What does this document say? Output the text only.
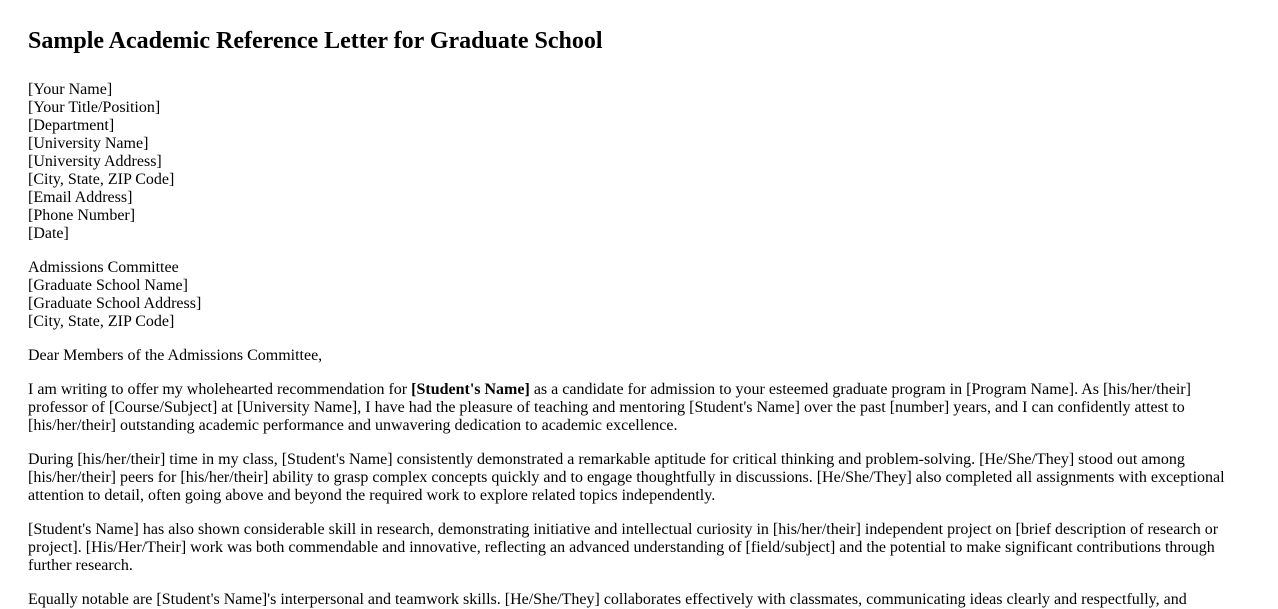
Sample Academic Reference Letter for Graduate School
[Your Name]
[Your Title/Position]
[Department]
[University Name]
[University Address]
[City, State, ZIP Code]
[Email Address]
[Phone Number]
[Date]
Admissions Committee
[Graduate School Name]
[Graduate School Address]
[City, State, ZIP Code]

Dear Members of the Admissions Committee,

I am writing to offer my wholehearted recommendation for [Student's Name] as a candidate for admission to your esteemed graduate program in [Program Name]. As [his/her/their] professor of [Course/Subject] at [University Name], I have had the pleasure of teaching and mentoring [Student's Name] over the past [number] years, and I can confidently attest to [his/her/their] outstanding academic performance and unwavering dedication to academic excellence.

During [his/her/their] time in my class, [Student's Name] consistently demonstrated a remarkable aptitude for critical thinking and problem-solving. [He/She/They] stood out among [his/her/their] peers for [his/her/their] ability to grasp complex concepts quickly and to engage thoughtfully in discussions. [He/She/They] also completed all assignments with exceptional attention to detail, often going above and beyond the required work to explore related topics independently.

[Student's Name] has also shown considerable skill in research, demonstrating initiative and intellectual curiosity in [his/her/their] independent project on [brief description of research or project]. [His/Her/Their] work was both commendable and innovative, reflecting an advanced understanding of [field/subject] and the potential to make significant contributions through further research.

Equally notable are [Student's Name]'s interpersonal and teamwork skills. [He/She/They] collaborates effectively with classmates, communicating ideas clearly and respectfully, and
